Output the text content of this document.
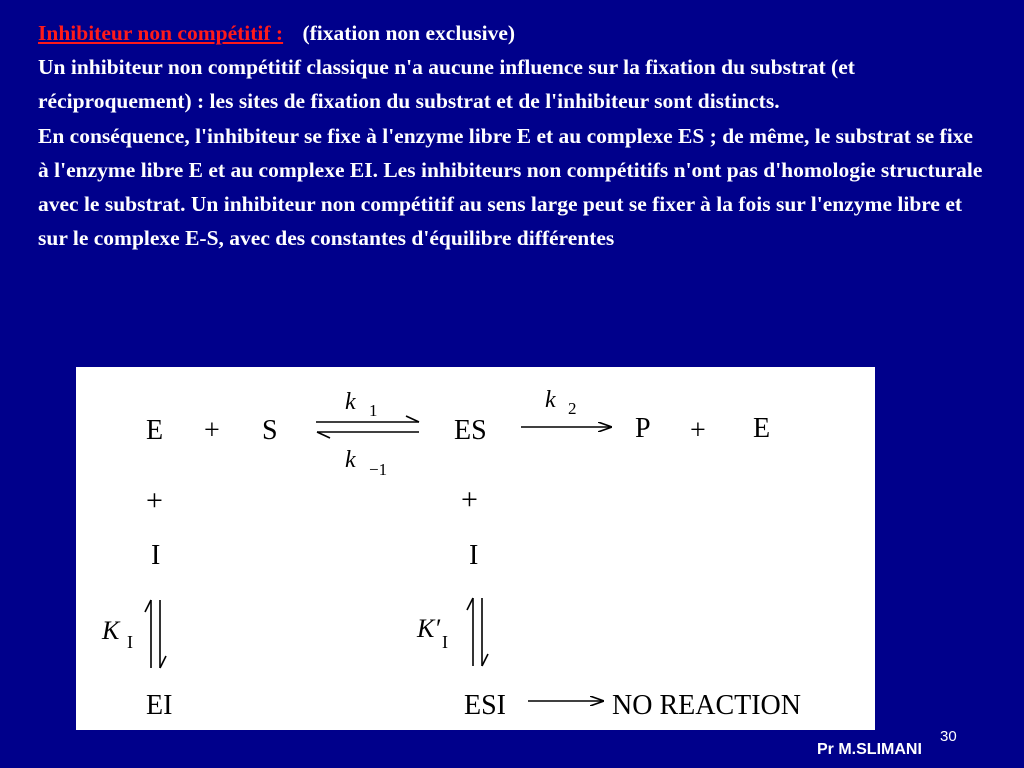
Inhibiteur non compétitif : (fixation non exclusive)

Un inhibiteur non compétitif classique n'a aucune influence sur la fixation du substrat (et réciproquement) : les sites de fixation du substrat et de l'inhibiteur sont distincts.

En conséquence, l'inhibiteur se fixe à l'enzyme libre E et au complexe ES ; de même, le substrat se fixe à l'enzyme libre E et au complexe EI. Les inhibiteurs non compétitifs n'ont pas d'homologie structurale avec le substrat. Un inhibiteur non compétitif au sens large peut se fixer à la fois sur l'enzyme libre et sur le complexe E-S, avec des constantes d'équilibre différentes

E + S
k 1
k −1
ES
k 2
P + E
+
I
K I
EI
+
I
K′ I
ESI	NO REACTION
30
Pr M.SLIMANI
